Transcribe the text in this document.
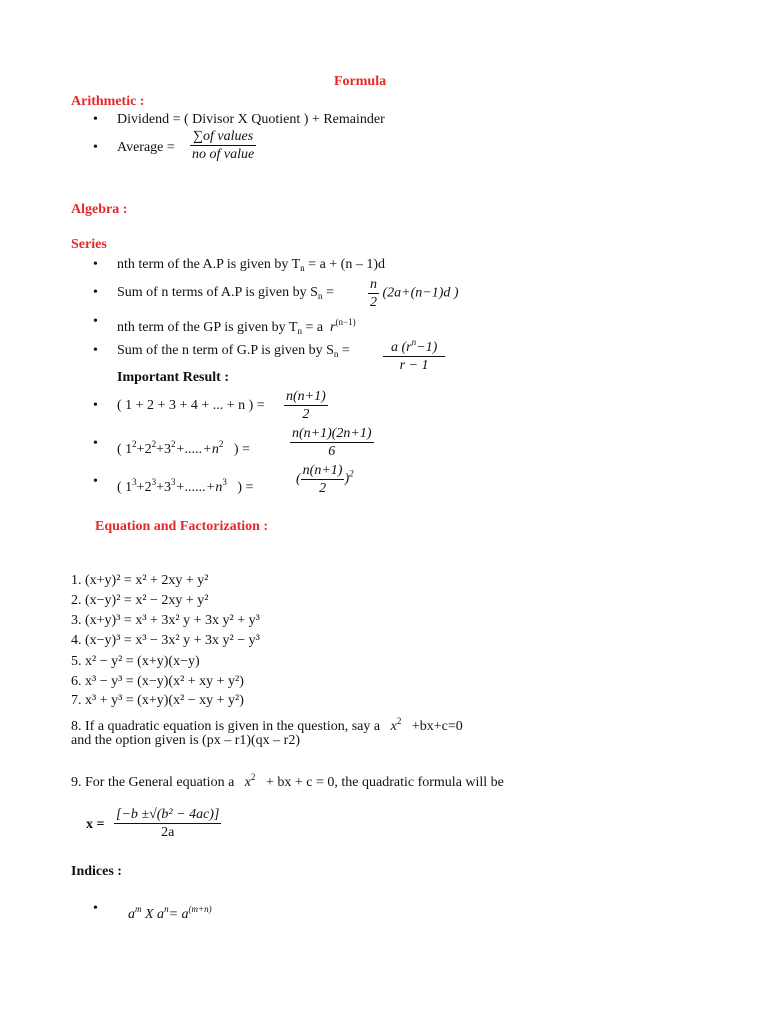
Formula
Arithmetic :
• Dividend = ( Divisor X Quotient ) + Remainder
• Average = $\frac{\text{∑of values}}{\text{no of value}}$
Algebra :
Series
• nth term of the A.P is given by $T_n = a + (n - 1)d$
• Sum of n terms of A.P is given by $S_n = \frac{n}{2} (2a+(n-1)d$ )
• nth term of the GP is given by $T_n = a$ $r^{(n-1)}$
• Sum of the n term of G.P is given by $S_n = \frac{a (r^n-1)}{r - 1}$
Important Result :
• ( 1 + 2 + 3 + 4 + ... + n ) = $\frac{n(n+1)}{2}$
• ( $1^2+2^2+3^2+.....+n^2$ ) =	$\frac{n(n+1)(2n+1)}{6}$
• ( $1^3+2^3+3^3+......+n^3$ ) =
( $\frac{n(n+1)}{2} )^2$
Equation and Factorization :
1. (x+y)² = x² + 2xy + y²
2. (x−y)² = x² − 2xy + y²
3. (x+y)³ = x³ + 3x² y + 3x y² + y³
4. (x−y)³ = x³ − 3x² y + 3x y² − y³
5. x² − y² = (x+y)(x−y)
6. x³ − y³ = (x−y)(x² + xy + y²)
7. x³ + y³ = (x+y)(x² − xy + y²)
8. If a quadratic equation is given in the question, say a $x^2 +bx+c=0$
and the option given is (px – r1)(qx – r2)
9. For the General equation a $x^2$ + bx + c = 0, the quadratic formula will be
$x = \frac{\text{[−b ±√(b² − 4ac)]}}{2a}$
Indices :
• $a^m$ X $a^n= a^{(m+n)}$
